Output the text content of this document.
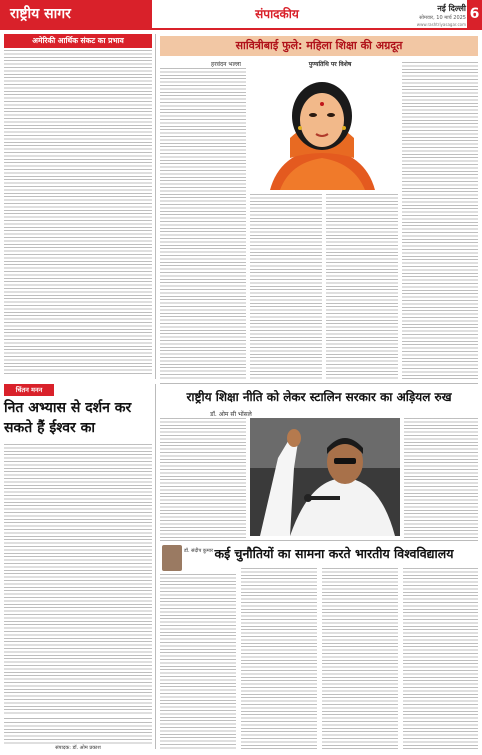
राष्ट्रीय सागर	संपादकीय	नई दिल्ली
सोमवार, 10 मार्च 2025
www.rashtriyasagar.com
6
अमेरिकी आर्थिक संकट का प्रभाव	सावित्रीबाई फुले: महिला शिक्षा की अग्रदूत
पुण्यतिथि पर विशेष
हरवंदन भल्ला
राष्ट्रीय शिक्षा नीति को लेकर स्टालिन सरकार का अड़ियल रुख
डॉ. ओम सी भोंसले
चिंतन मनन
नित अभ्यास से दर्शन कर सकते हैं ईश्वर का
संपादक: डॉ. ओम प्रकाश
डॉ. संदीप कुमार कई चुनौतियों का सामना करते भारतीय विश्वविद्यालय
